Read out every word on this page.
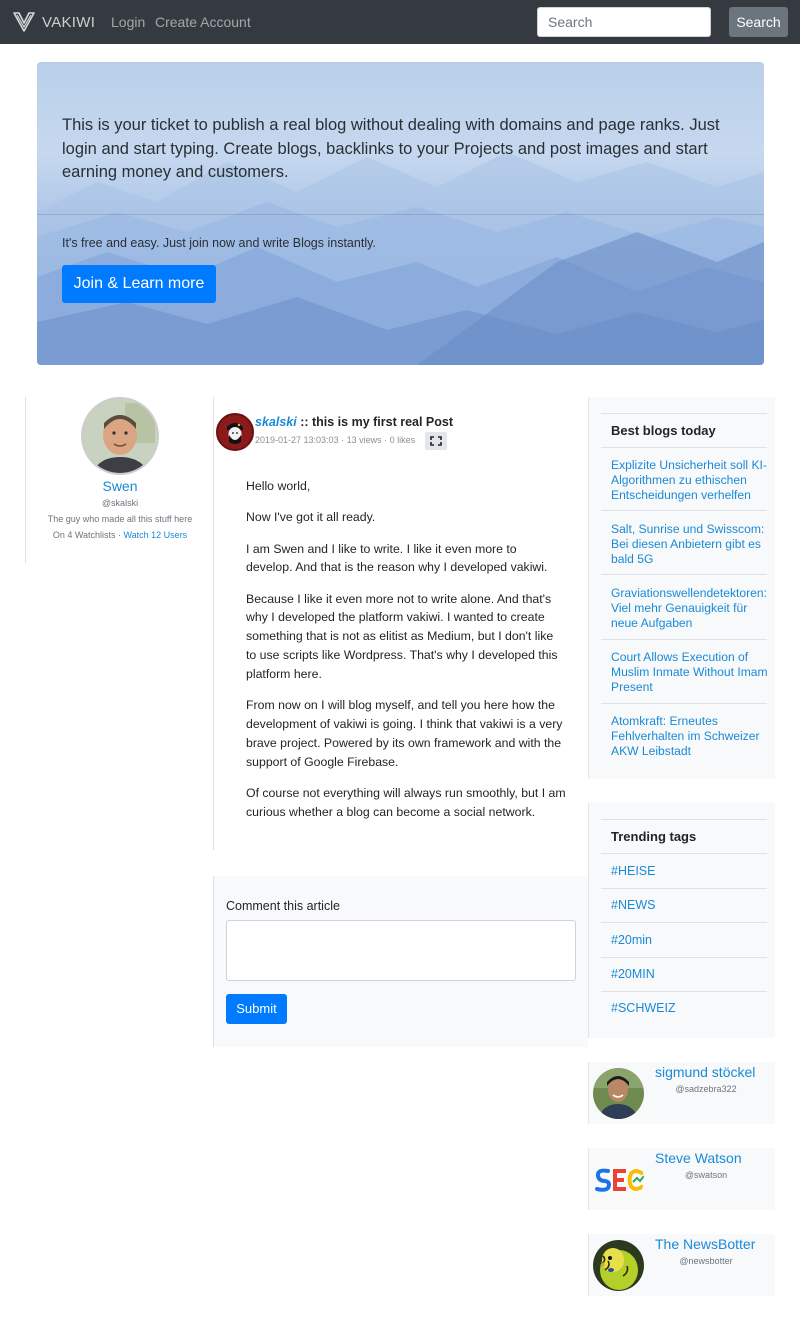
VAKIWI Login Create Account
Search	Search
This is your ticket to publish a real blog without dealing with domains and page ranks. Just login and start typing. Create blogs, backlinks to your Projects and post images and start earning money and customers.
It's free and easy. Just join now and write Blogs instantly.
Join & Learn more
Swen
@skalski
The guy who made all this stuff here
On 4 Watchlists · Watch 12 Users
skalski :: this is my first real Post
2019-01-27 13:03:03 · 13 views · 0 likes

Hello world,

Now I've got it all ready.

I am Swen and I like to write. I like it even more to develop. And that is the reason why I developed vakiwi.

Because I like it even more not to write alone. And that's why I developed the platform vakiwi. I wanted to create something that is not as elitist as Medium, but I don't like to use scripts like Wordpress. That's why I developed this platform here.

From now on I will blog myself, and tell you here how the development of vakiwi is going. I think that vakiwi is a very brave project. Powered by its own framework and with the support of Google Firebase.

Of course not everything will always run smoothly, but I am curious whether a blog can become a social network.

Comment this article
Submit
Best blogs today
Explizite Unsicherheit soll KI-Algorithmen zu ethischen Entscheidungen verhelfen
Salt, Sunrise und Swisscom: Bei diesen Anbietern gibt es bald 5G
Graviationswellendetektoren: Viel mehr Genauigkeit für neue Aufgaben
Court Allows Execution of Muslim Inmate Without Imam Present
Atomkraft: Erneutes Fehlverhalten im Schweizer AKW Leibstadt
Trending tags
#HEISE
#NEWS
#20min
#20MIN
#SCHWEIZ
sigmund stöckel
@sadzebra322
Steve Watson
@swatson
The NewsBotter
@newsbotter
